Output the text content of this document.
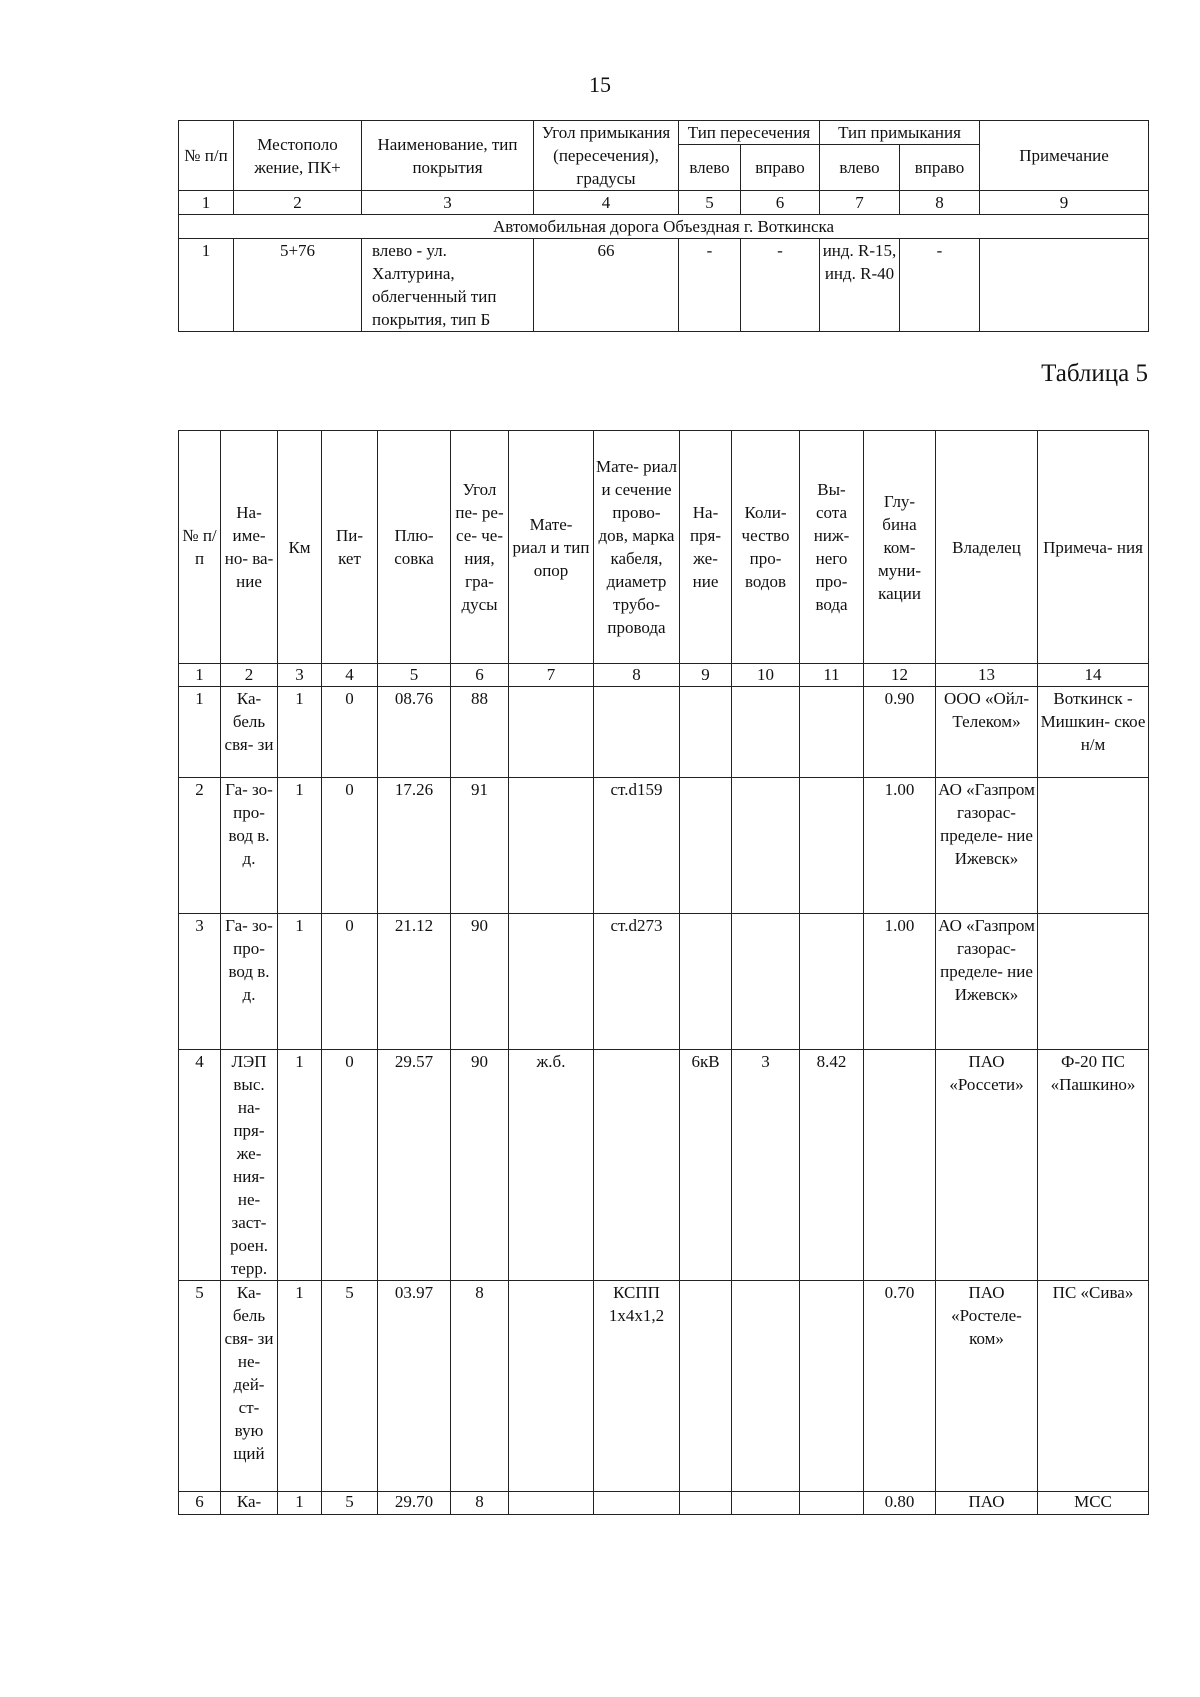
15
№ п/п	Местополо жение, ПК+	Наименование, тип покрытия	Угол примыкания (пересечения), градусы	Тип пересечения		Тип примыкания		Примечание
				влево	вправо	влево	вправо	
1	2	3	4	5	6	7	8	9
Автомобильная дорога Объездная г. Воткинска								
1	5+76	влево - ул. Халтурина, облегченный тип покрытия, тип Б	66	-	-	инд. R-15, инд. R-40	-	
Таблица 5
№ п/п	На- име- но- ва- ние	Км	Пи- кет	Плю- совка	Угол пе- ре- се- че- ния, гра- дусы	Мате- риал и тип опор	Мате- риал и сечение прово- дов, марка кабеля, диаметр трубо- провода	На- пря- же- ние	Коли- чество про- водов	Вы- сота ниж- него про- вода	Глу- бина ком- муни- кации	Владелец	Примеча- ния
1	2	3	4	5	6	7	8	9	10	11	12	13	14
1	Ка- бель свя- зи	1	0	08.76	88						0.90	ООО «Ойл- Телеком»	Воткинск - Мишкин- ское н/м
2	Га- зо- про- вод в. д.	1	0	17.26	91		ст.d159				1.00	АО «Газпром газорас- пределе- ние Ижевск»	
3	Га- зо- про- вод в. д.	1	0	21.12	90		ст.d273				1.00	АО «Газпром газорас- пределе- ние Ижевск»	
4	ЛЭП выс. на- пря- же- ния- не- заст- роен. терр.	1	0	29.57	90	ж.б.		6кВ	3	8.42		ПАО «Россети»	Ф-20 ПС «Пашкино»
5	Ка- бель свя- зи не- дей- ст- вую щий	1	5	03.97	8		КСПП 1х4х1,2				0.70	ПАО «Ростеле- ком»	ПС «Сива»
6	Ка-	1	5	29.70	8						0.80	ПАО	МСС
